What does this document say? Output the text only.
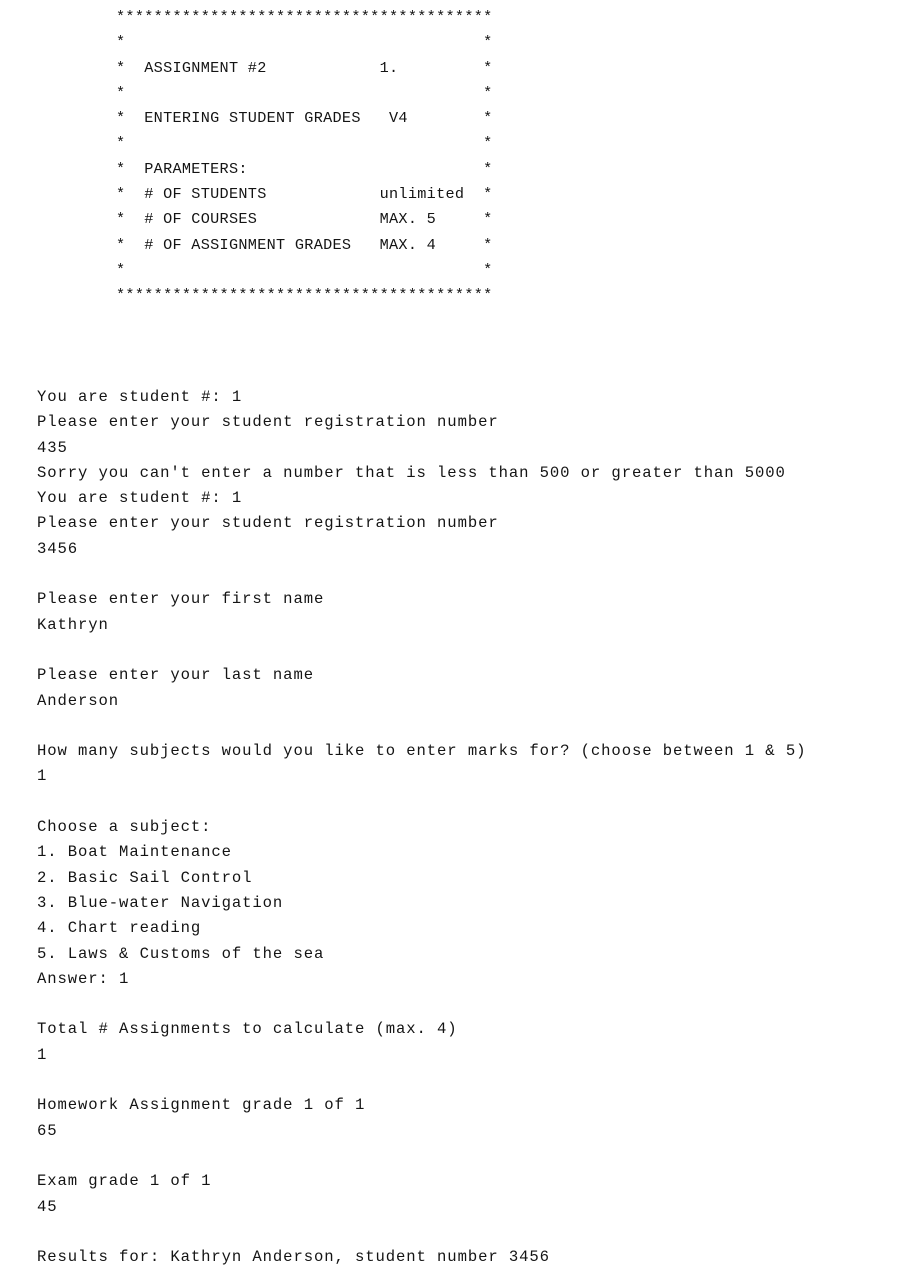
****************************************
*                                      *
*  ASSIGNMENT #2            1.         *
*                                      *
*  ENTERING STUDENT GRADES   V4        *
*                                      *
*  PARAMETERS:                         *
*  # OF STUDENTS            unlimited  *
*  # OF COURSES             MAX. 5     *
*  # OF ASSIGNMENT GRADES   MAX. 4     *
*                                      *
****************************************
You are student #: 1
Please enter your student registration number
435
Sorry you can't enter a number that is less than 500 or greater than 5000
You are student #: 1
Please enter your student registration number
3456
Please enter your first name
Kathryn
Please enter your last name
Anderson
How many subjects would you like to enter marks for? (choose between 1 & 5)
1
Choose a subject:
1. Boat Maintenance
2. Basic Sail Control
3. Blue-water Navigation
4. Chart reading
5. Laws & Customs of the sea
Answer: 1
Total # Assignments to calculate (max. 4)
1
Homework Assignment grade 1 of 1
65
Exam grade 1 of 1
45
Results for: Kathryn Anderson, student number 3456
